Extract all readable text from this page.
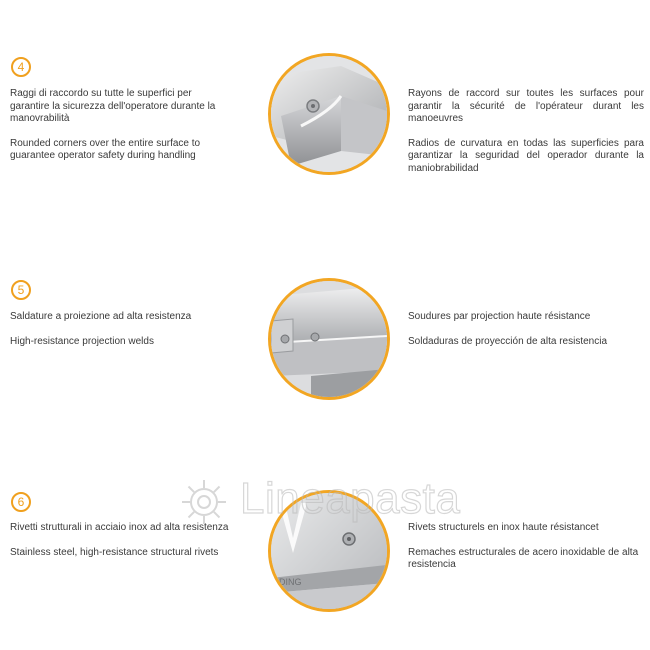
4

Raggi di raccordo su tutte le superfici per garantire la sicurezza dell'operatore durante la manovrabilità

Rounded corners over the entire surface to guarantee operator safety during handling

Rayons de raccord sur toutes les surfaces pour garantir la sécurité de l'opérateur durant les manoeuvres

Radios de curvatura en todas las superficies para garantizar la seguridad del operador durante la maniobrabilidad

5

Saldature a proiezione ad alta resistenza

High-resistance projection welds

Soudures par projection haute résistance

Soldaduras de proyección de alta resistencia

6

Rivetti strutturali in acciaio inox ad alta resistenza

Stainless steel, high-resistance structural rivets

DING

Rivets structurels en inox haute résistancet

Remaches estructurales de acero inoxidable de alta resistencia
